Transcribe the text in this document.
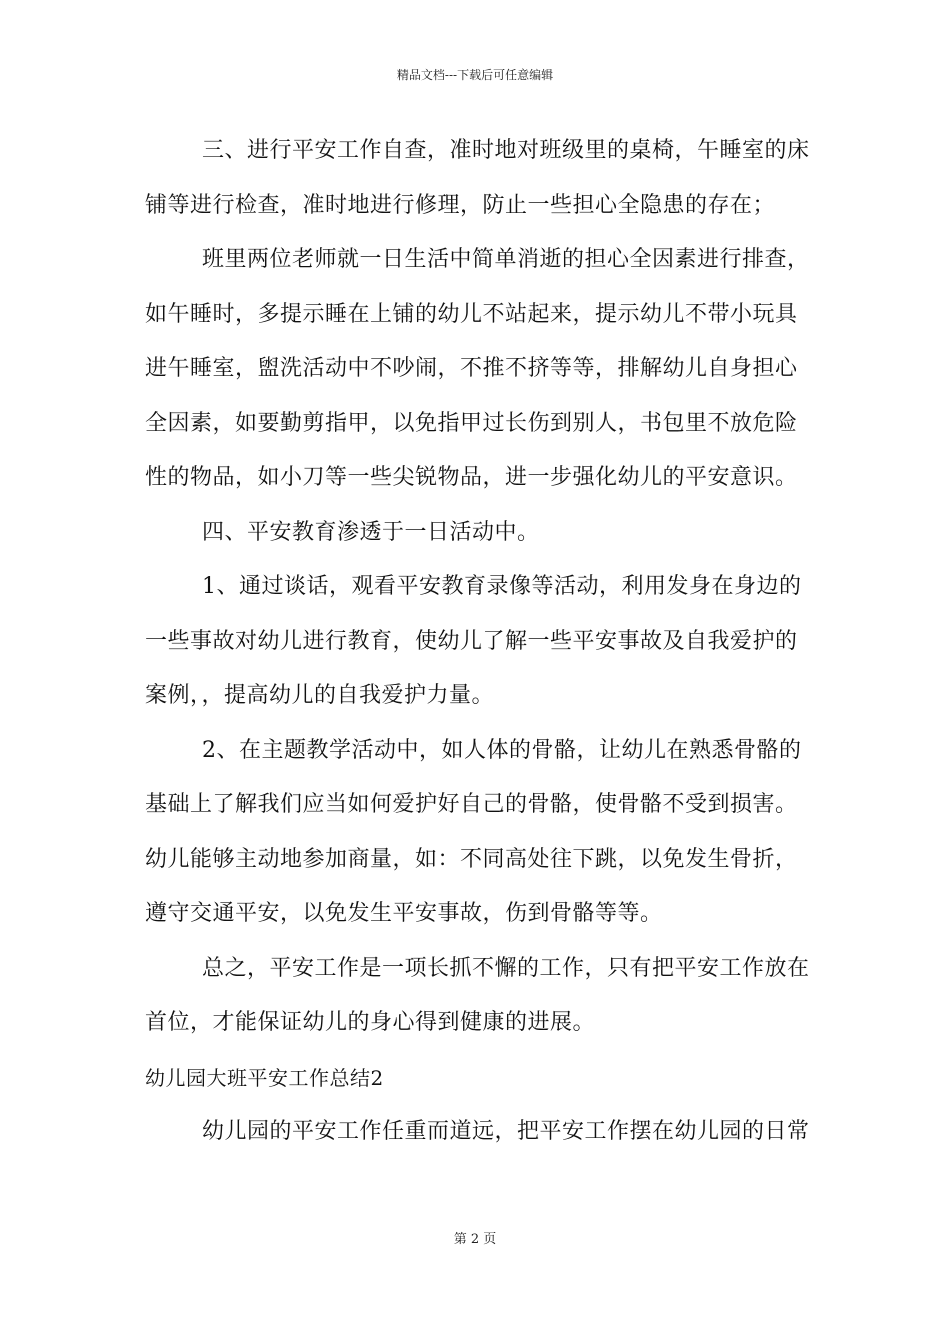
精品文档---下载后可任意编辑
三、进行平安工作自查，准时地对班级里的桌椅，午睡室的床
铺等进行检查，准时地进行修理，防止一些担心全隐患的存在；
班里两位老师就一日生活中简单消逝的担心全因素进行排查，
如午睡时，多提示睡在上铺的幼儿不站起来，提示幼儿不带小玩具
进午睡室，盥洗活动中不吵闹，不推不挤等等，排解幼儿自身担心
全因素，如要勤剪指甲，以免指甲过长伤到别人，书包里不放危险
性的物品，如小刀等一些尖锐物品，进一步强化幼儿的平安意识。
四、平安教育渗透于一日活动中。
1、通过谈话，观看平安教育录像等活动，利用发身在身边的
一些事故对幼儿进行教育，使幼儿了解一些平安事故及自我爱护的
案例，，提高幼儿的自我爱护力量。
2、在主题教学活动中，如人体的骨骼，让幼儿在熟悉骨骼的
基础上了解我们应当如何爱护好自己的骨骼，使骨骼不受到损害。
幼儿能够主动地参加商量，如：不同高处往下跳，以免发生骨折，
遵守交通平安，以免发生平安事故，伤到骨骼等等。
总之，平安工作是一项长抓不懈的工作，只有把平安工作放在
首位，才能保证幼儿的身心得到健康的进展。
幼儿园大班平安工作总结2
幼儿园的平安工作任重而道远，把平安工作摆在幼儿园的日常
第 2 页
